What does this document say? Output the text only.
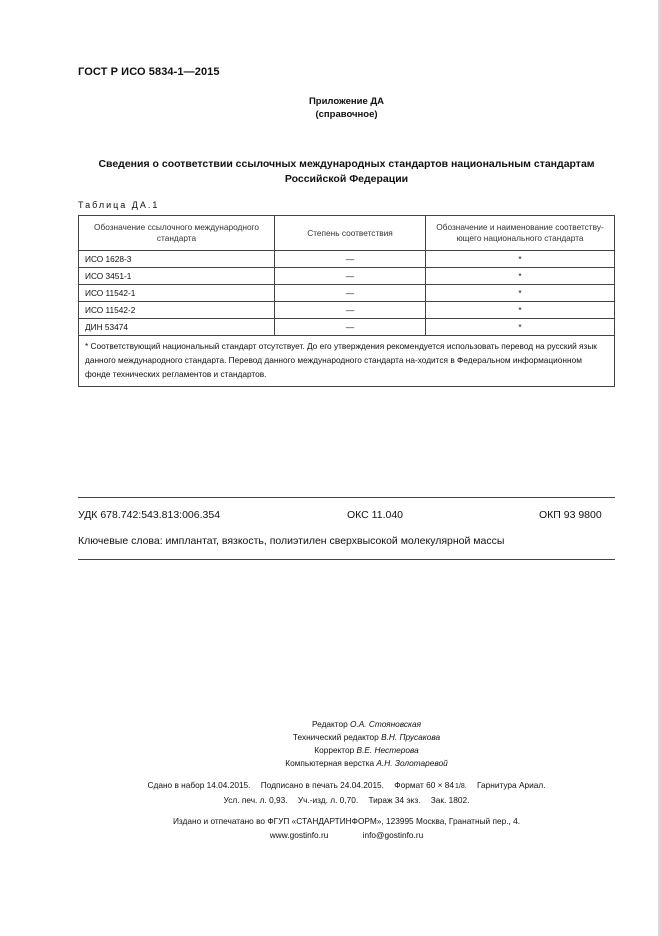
ГОСТ Р ИСО 5834-1—2015
Приложение ДА
(справочное)
Сведения о соответствии ссылочных международных стандартов национальным стандартам
Российской Федерации
Таблица ДА.1
Обозначение ссылочного международного стандарта	Степень соответствия	Обозначение и наименование соответству-ющего национального стандарта
ИСО 1628-3	—	*
ИСО 3451-1	—	*
ИСО 11542-1	—	*
ИСО 11542-2	—	*
ДИН 53474	—	*
* Соответствующий национальный стандарт отсутствует. До его утверждения рекомендуется использовать перевод на русский язык данного международного стандарта. Перевод данного международного стандарта на-ходится в Федеральном информационном фонде технических регламентов и стандартов.		
УДК 678.742:543.813:006.354	ОКС 11.040	ОКП 93 9800
Ключевые слова: имплантат, вязкость, полиэтилен сверхвысокой молекулярной массы
Редактор О.А. Стояновская
Технический редактор В.Н. Прусакова
Корректор В.Е. Нестерова
Компьютерная верстка А.Н. Золотаревой
Сдано в набор 14.04.2015. Подписано в печать 24.04.2015. Формат 60 × 841/8. Гарнитура Ариал.
Усл. печ. л. 0,93. Уч.-изд. л. 0,70. Тираж 34 экз. Зак. 1802.
Издано и отпечатано во ФГУП «СТАНДАРТИНФОРМ», 123995 Москва, Гранатный пер., 4.
www.gostinfo.ru	info@gostinfo.ru
